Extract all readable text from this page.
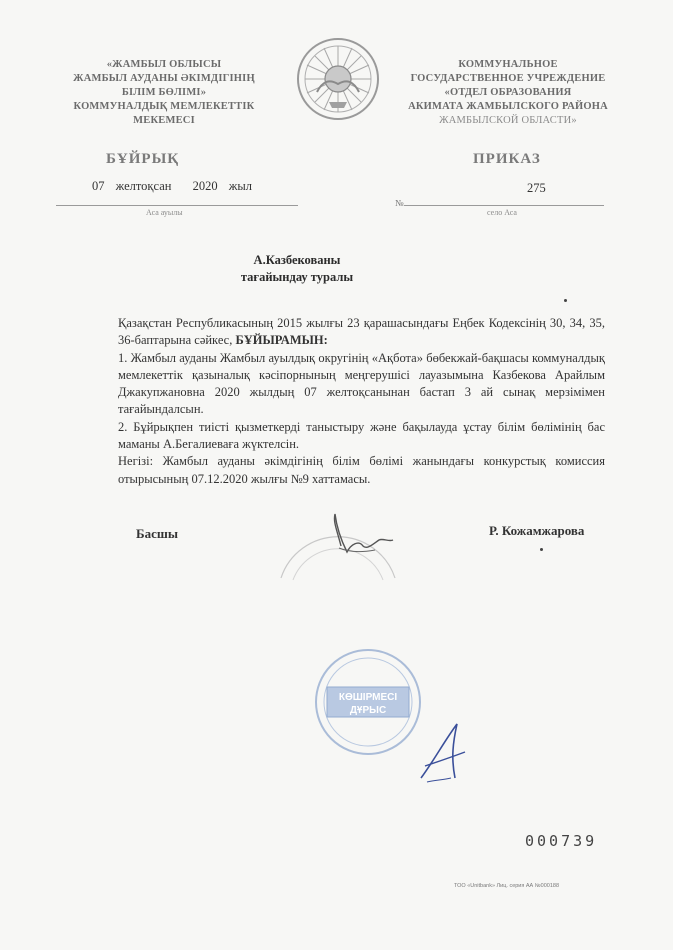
«ЖАМБЫЛ ОБЛЫСЫ
ЖАМБЫЛ АУДАНЫ ӘКІМДІГІНІҢ
БІЛІМ БӨЛІМІ»
КОММУНАЛДЫҚ МЕМЛЕКЕТТІК
МЕКЕМЕСІ
КОММУНАЛЬНОЕ
ГОСУДАРСТВЕННОЕ УЧРЕЖДЕНИЕ
«ОТДЕЛ ОБРАЗОВАНИЯ
АКИМАТА ЖАМБЫЛСКОГО РАЙОНА
ЖАМБЫЛСКОЙ ОБЛАСТИ»
БҰЙРЫҚ	ПРИКАЗ
07 желтоқсан 2020 жыл	275
№
Аса ауылы	село Аса
А.Казбекованы
тағайындау туралы

Қазақстан Республикасының 2015 жылғы 23 қарашасындағы Еңбек Кодексінің 30, 34, 35, 36-баптарына сәйкес, БҰЙЫРАМЫН:

1. Жамбыл ауданы Жамбыл ауылдық округінің «Ақбота» бөбекжай-бақшасы коммуналдық мемлекеттік қазыналық кәсіпорнының меңгерушісі лауазымына Казбекова Арайлым Джакупжановна 2020 жылдың 07 желтоқсанынан бастап 3 ай сынақ мерзімімен тағайындалсын.

2. Бұйрықпен тиісті қызметкерді таныстыру және бақылауда ұстау білім бөлімінің бас маманы А.Бегалиеваға жүктелсін.

Негізі: Жамбыл ауданы әкімдігінің білім бөлімі жанындағы конкурстық комиссия отырысының 07.12.2020 жылғы №9 хаттамасы.

Басшы	Р. Кожамжарова
КӨШІРМЕСІ
ДҰРЫС
000739
ТОО «Unitbank» Лиц. серия АА №000188
